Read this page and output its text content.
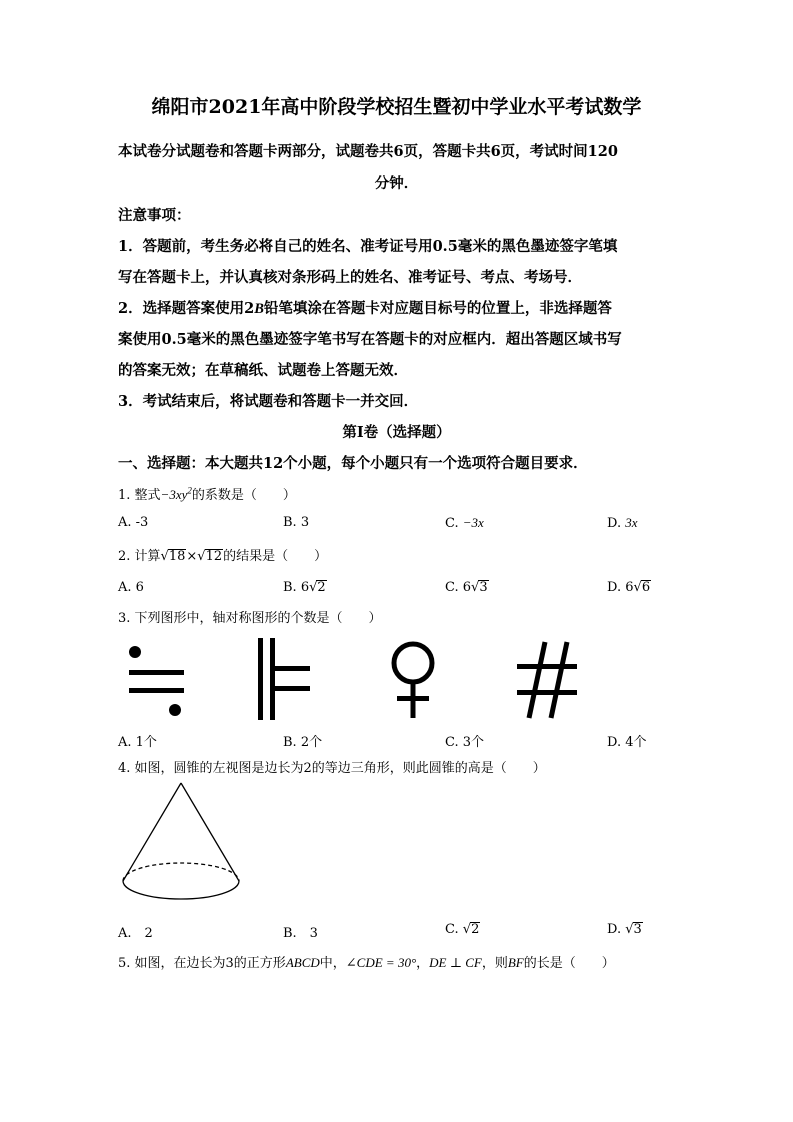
绵阳市2021年高中阶段学校招生暨初中学业水平考试数学
本试卷分试题卷和答题卡两部分，试题卷共6页，答题卡共6页，考试时间120
分钟．
注意事项：
1．答题前，考生务必将自己的姓名、准考证号用0.5毫米的黑色墨迹签字笔填
写在答题卡上，并认真核对条形码上的姓名、准考证号、考点、考场号．
2．选择题答案使用2B铅笔填涂在答题卡对应题目标号的位置上，非选择题答
案使用0.5毫米的黑色墨迹签字笔书写在答题卡的对应框内．超出答题区域书写
的答案无效；在草稿纸、试题卷上答题无效．
3．考试结束后，将试题卷和答题卡一并交回．
第Ⅰ卷（选择题）
一、选择题：本大题共12个小题，每个小题只有一个选项符合题目要求．
1. 整式$-3xy^2$的系数是（　　）
A. -3	B. 3	C. −3x	D. 3x
2. 计算√18×√12的结果是（　　）
A. 6	B. 6√2	C. 6√3	D. 6√6
3. 下列图形中，轴对称图形的个数是（　　）
A. 1个	B. 2个	C. 3个	D. 4个
4. 如图，圆锥的左视图是边长为2的等边三角形，则此圆锥的高是（　　）
A.　2	B.　3	C. √2	D. √3
5. 如图，在边长为3的正方形ABCD中，∠CDE = 30°，DE ⊥ CF，则BF的长是（　　）
